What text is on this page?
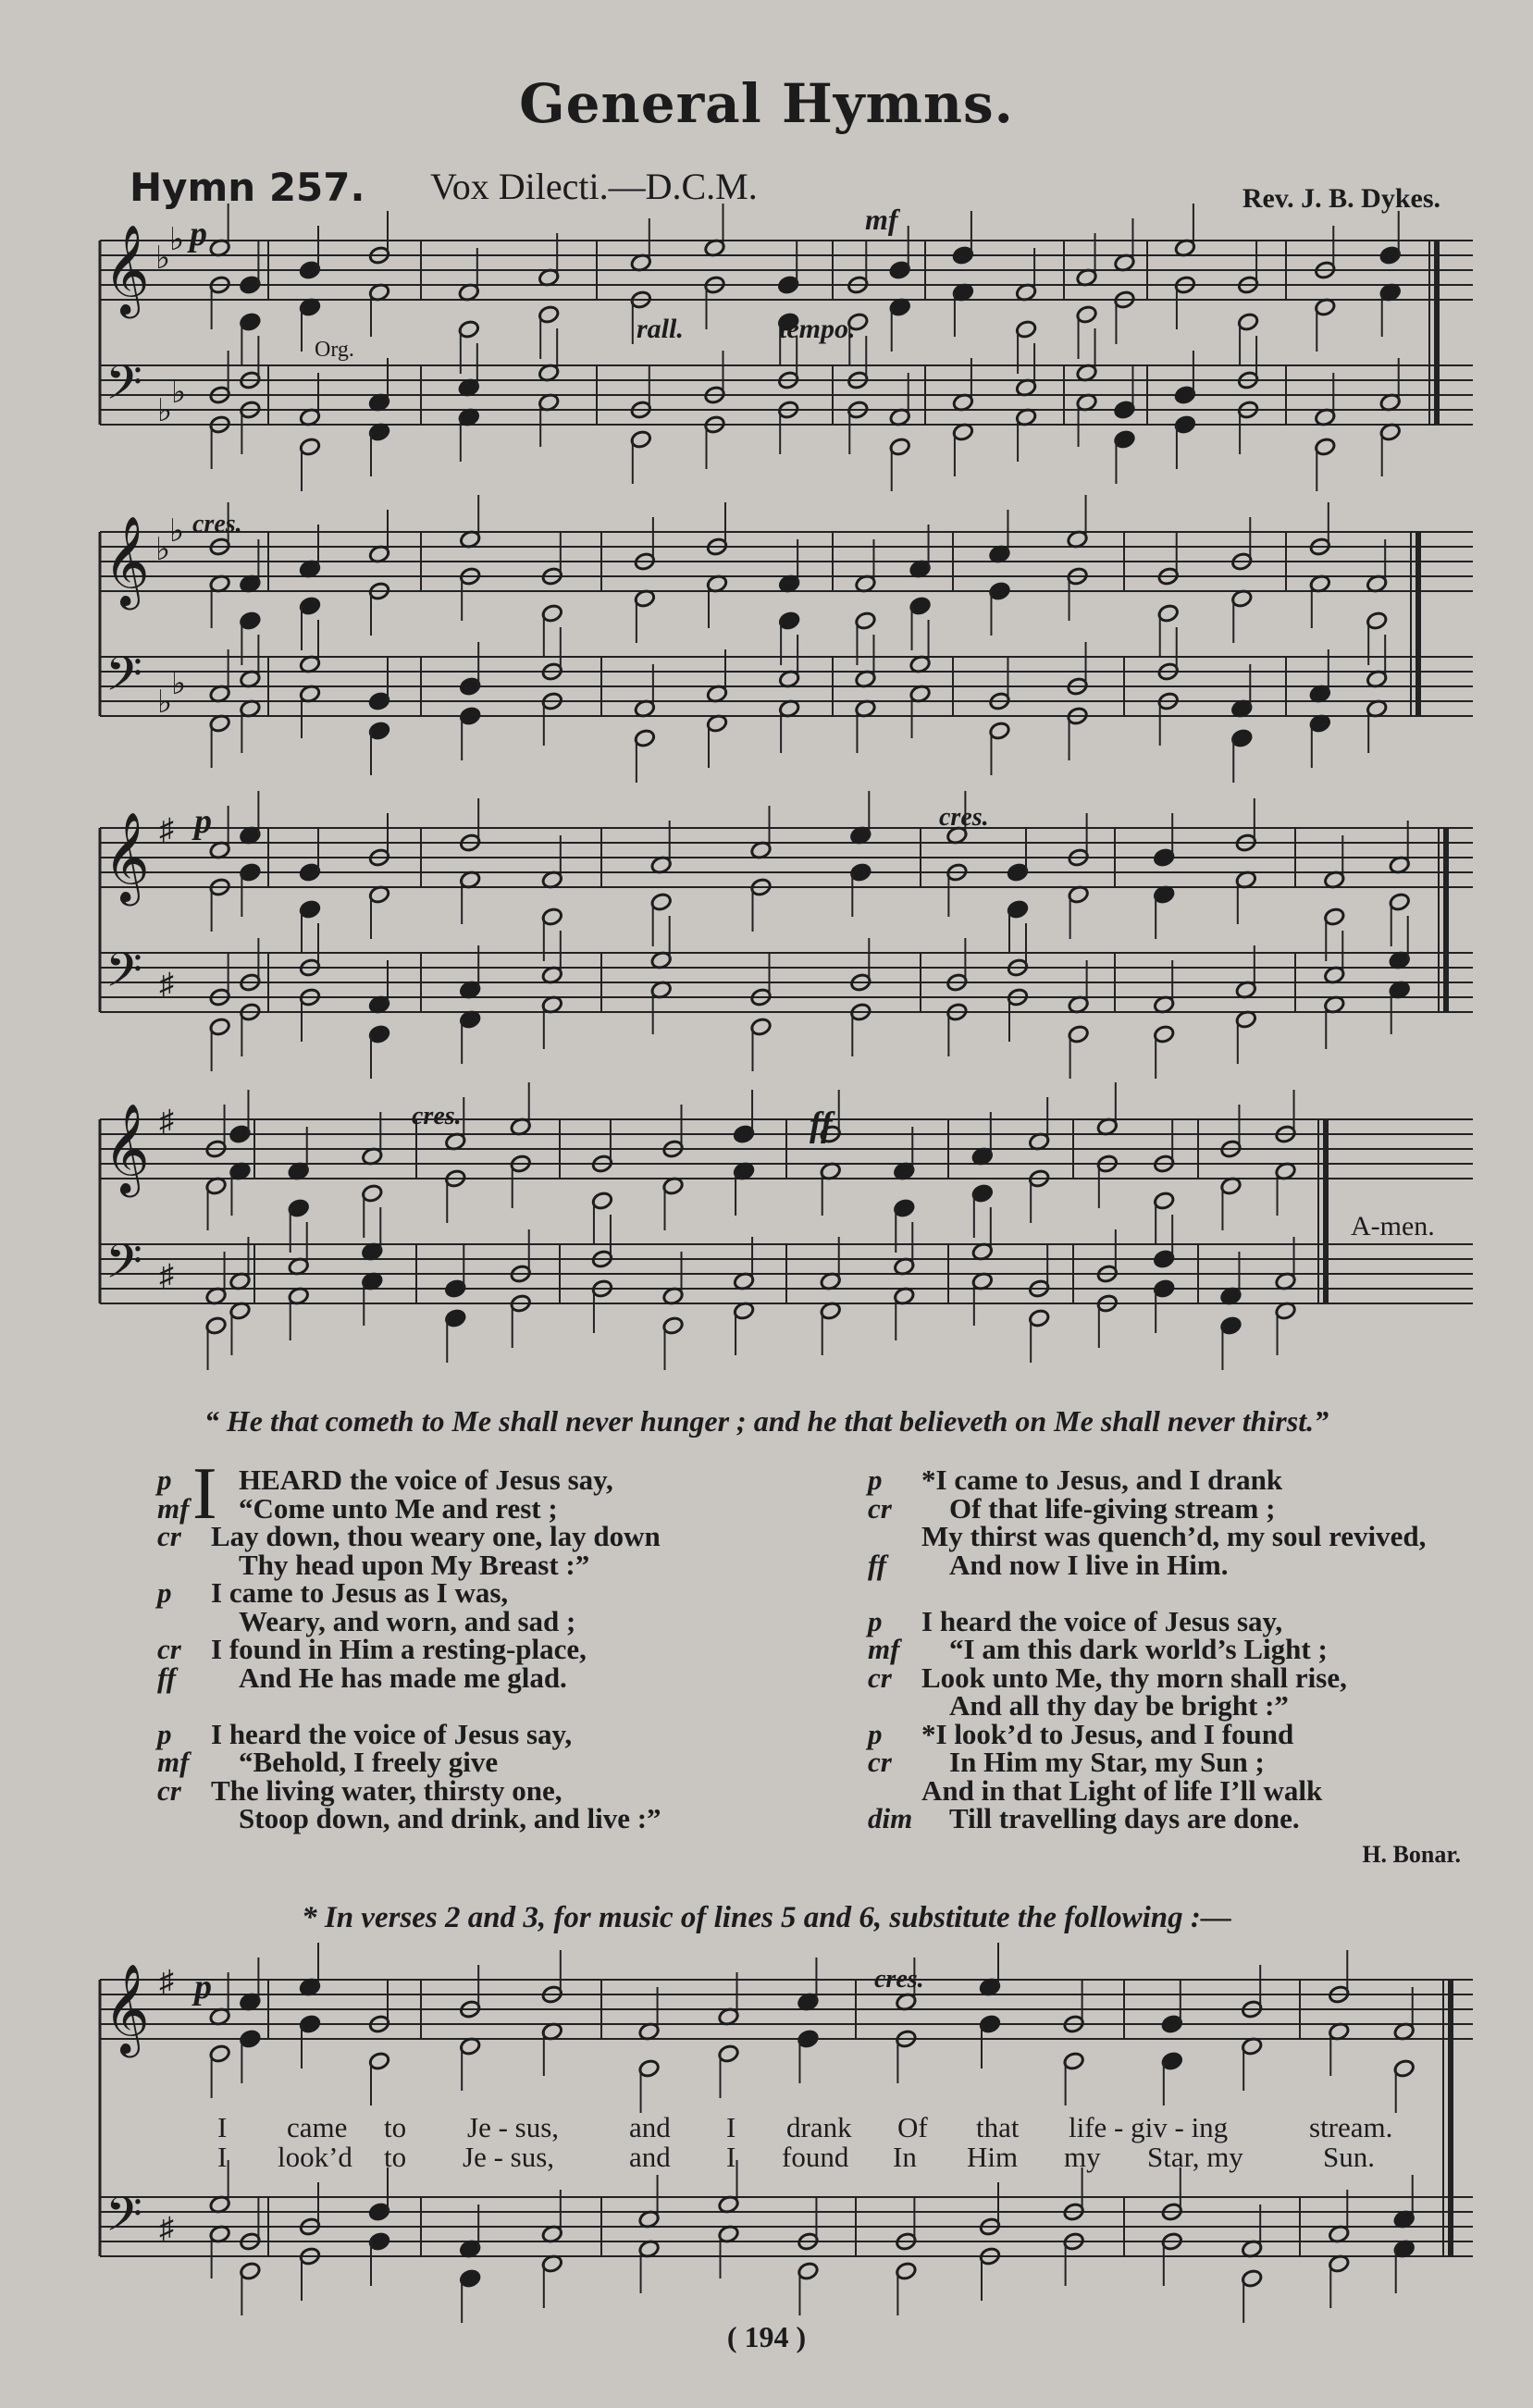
General Hymns.
Hymn 257. Vox Dilecti.—D.C.M.	Rev. J. B. Dykes.
𝄞
𝄢
♭
♭
♭
♭
𝄞
𝄢
♭
♭
♭
♭
𝄞
𝄢
♯
♯
𝄞
𝄢
♯
♯
𝄞
𝄢
♯
♯
p
Org.
rall.	tempo.
mf
cres.
p	cres.
cres.	ff
A-men.
p	cres.
I came to Je - sus, and I drank Of that life - giv - ing	stream.
I look’d to Je - sus,	and I found In Him my Star, my	Sun.
“ He that cometh to Me shall never hunger ; and he that believeth on Me shall never thirst.”
I
p HEARD the voice of Jesus say,
mf “Come unto Me and rest ;
cr Lay down, thou weary one, lay down
Thy head upon My Breast :”
p I came to Jesus as I was,
Weary, and worn, and sad ;
cr I found in Him a resting-place,
ff And He has made me glad.
p I heard the voice of Jesus say,
mf “Behold, I freely give
cr The living water, thirsty one,
Stoop down, and drink, and live :”
p *I came to Jesus, and I drank
cr Of that life-giving stream ;
My thirst was quench’d, my soul revived,
ff And now I live in Him.
p I heard the voice of Jesus say,
mf “I am this dark world’s Light ;
cr Look unto Me, thy morn shall rise,
And all thy day be bright :”
p *I look’d to Jesus, and I found
cr In Him my Star, my Sun ;
And in that Light of life I’ll walk
dim Till travelling days are done.
H. Bonar.
* In verses 2 and 3, for music of lines 5 and 6, substitute the following :—
( 194 )
